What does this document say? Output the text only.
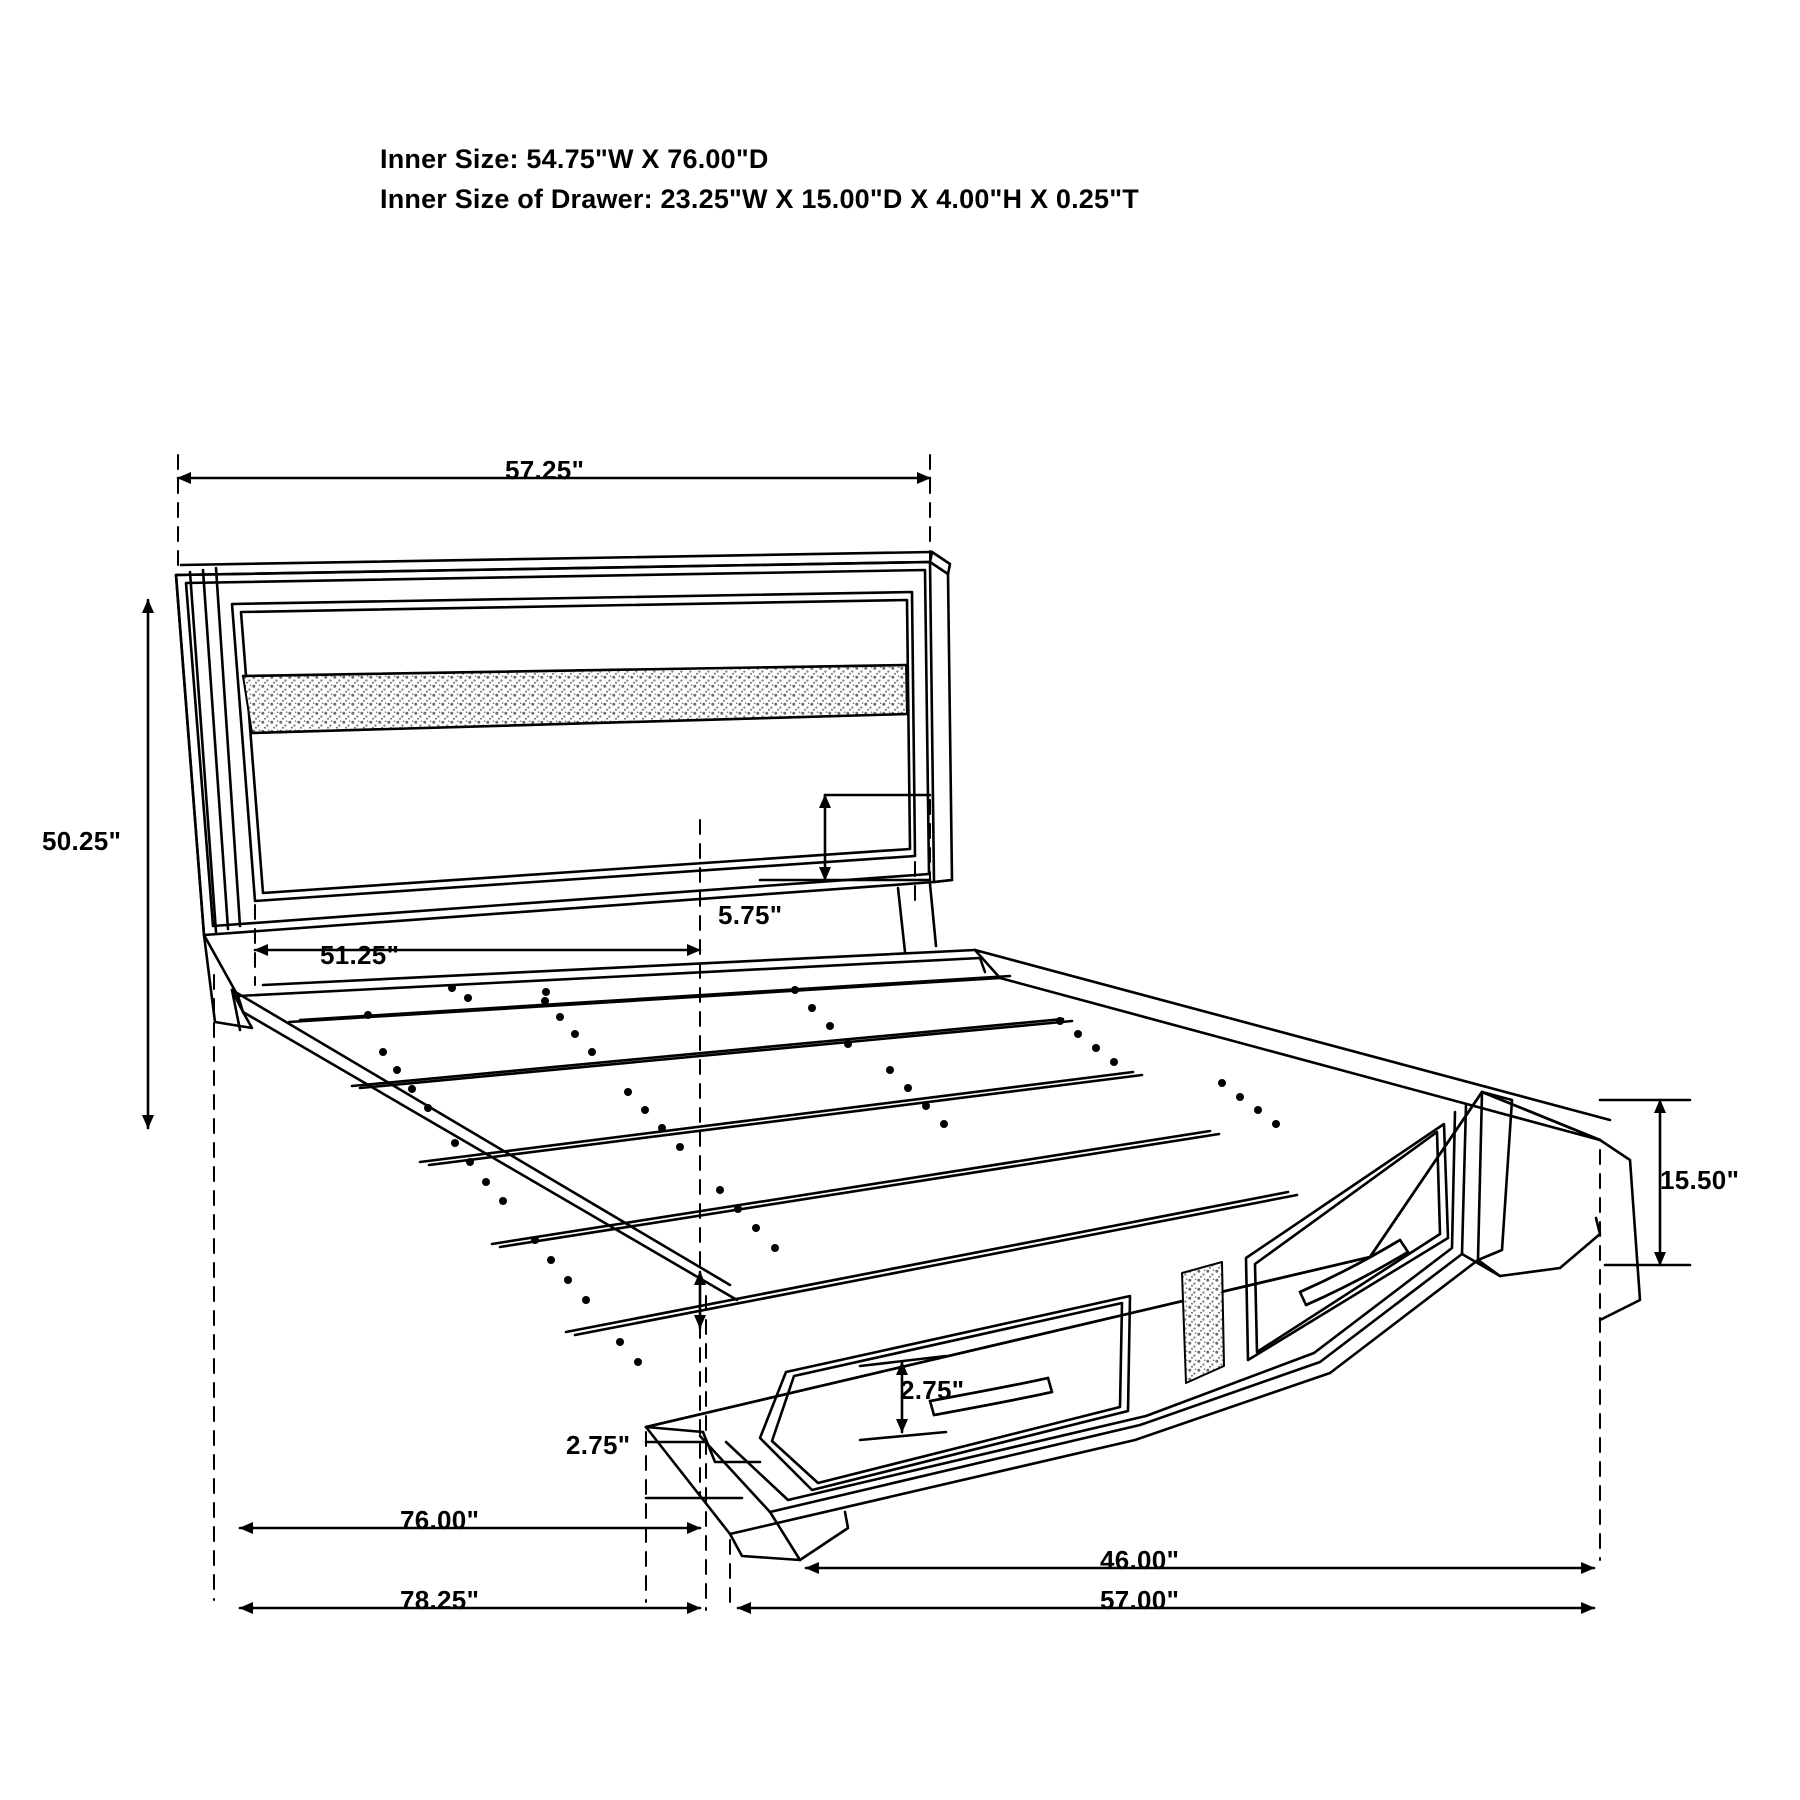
Inner Size: 54.75"W X 76.00"D
Inner Size of Drawer: 23.25"W X 15.00"D X 4.00"H X 0.25"T
57.25"
50.25"
51.25"
5.75"
15.50"
2.75"
2.75"
76.00"
46.00"
78.25"	57.00"
